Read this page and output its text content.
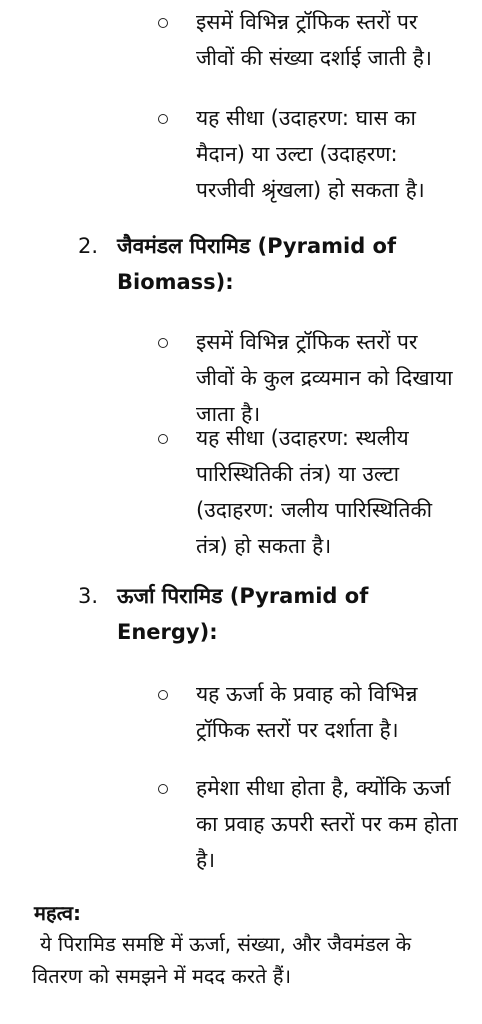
इसमें विभिन्न ट्रॉफिक स्तरों पर जीवों की संख्या दर्शाई जाती है।
यह सीधा (उदाहरण: घास का मैदान) या उल्टा (उदाहरण: परजीवी श्रृंखला) हो सकता है।
2. जैवमंडल पिरामिड (Pyramid of Biomass):
इसमें विभिन्न ट्रॉफिक स्तरों पर जीवों के कुल द्रव्यमान को दिखाया जाता है।
यह सीधा (उदाहरण: स्थलीय पारिस्थितिकी तंत्र) या उल्टा (उदाहरण: जलीय पारिस्थितिकी तंत्र) हो सकता है।
3. ऊर्जा पिरामिड (Pyramid of Energy):
यह ऊर्जा के प्रवाह को विभिन्न ट्रॉफिक स्तरों पर दर्शाता है।
हमेशा सीधा होता है, क्योंकि ऊर्जा का प्रवाह ऊपरी स्तरों पर कम होता है।
महत्व:
ये पिरामिड समष्टि में ऊर्जा, संख्या, और जैवमंडल के वितरण को समझने में मदद करते हैं।
